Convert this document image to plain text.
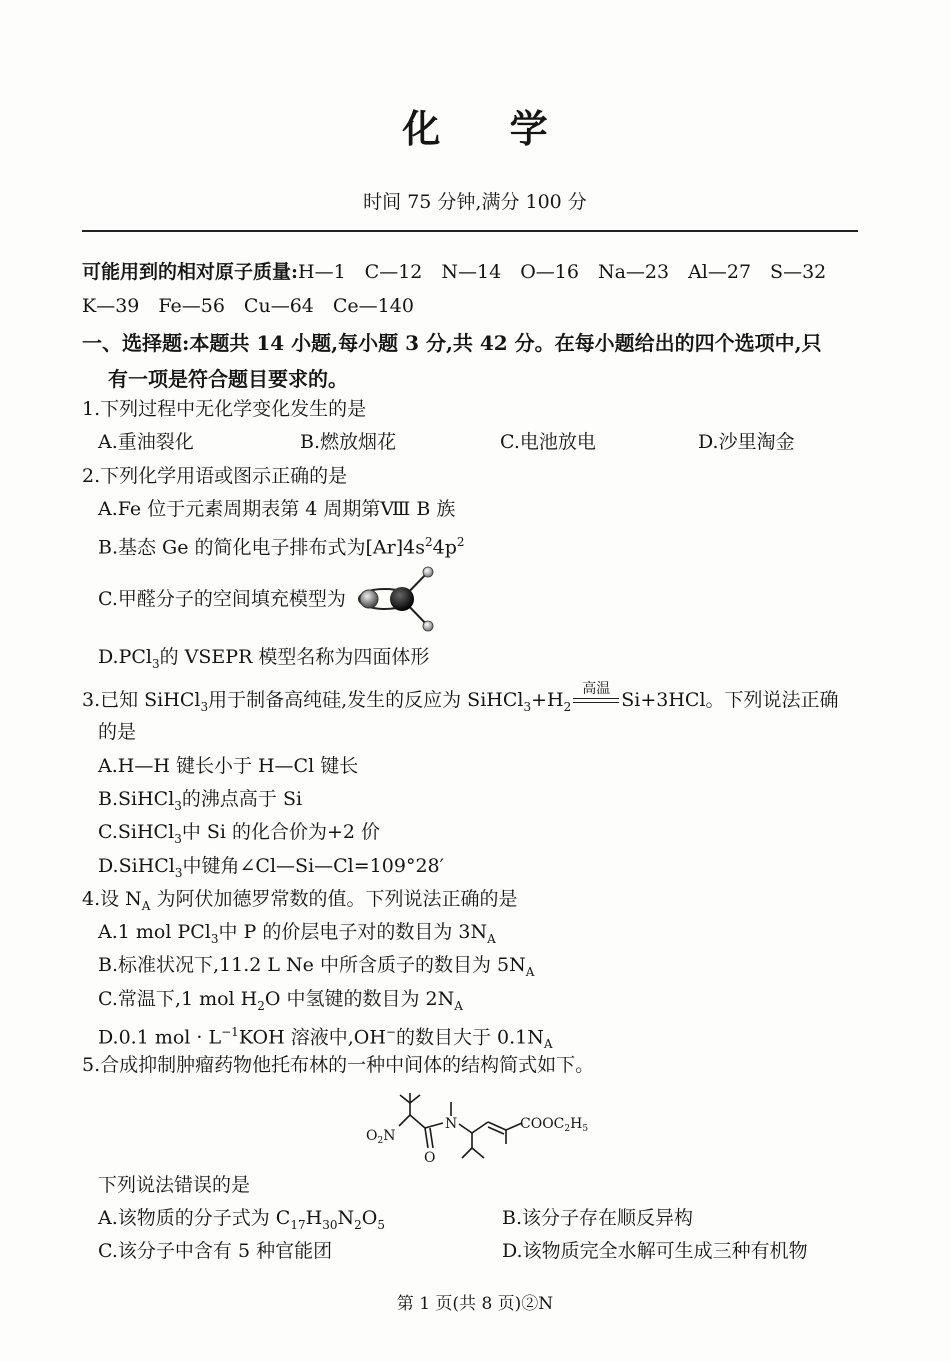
化 学
时间 75 分钟,满分 100 分
可能用到的相对原子质量:H—1　C—12　N—14　O—16　Na—23　Al—27　S—32
K—39　Fe—56　Cu—64　Ce—140
一、选择题:本题共 14 小题,每小题 3 分,共 42 分。在每小题给出的四个选项中,只
有一项是符合题目要求的。
1.下列过程中无化学变化发生的是
A.重油裂化	B.燃放烟花	C.电池放电	D.沙里淘金
2.下列化学用语或图示正确的是
A.Fe 位于元素周期表第 4 周期第Ⅷ B 族
B.基态 Ge 的简化电子排布式为$[Ar]4s^24p^2$
C.甲醛分子的空间填充模型为
D.PCl$_3$的 VSEPR 模型名称为四面体形
3.已知 SiHCl$_3$用于制备高纯硅,发生的反应为 $SiHCl_3+H_2$
高温 Si+3HCl。下列说法正确
的是
A.H—H 键长小于 H—Cl 键长
B.SiHCl$_3$的沸点高于 Si
C.SiHCl$_3$中 Si 的化合价为+2 价
D.SiHCl$_3$中键角∠Cl—Si—Cl=109°28′
4.设 $N_A$ 为阿伏加德罗常数的值。下列说法正确的是
A.1 mol PCl$_3$中 P 的价层电子对的数目为 $3N_A$
B.标准状况下,11.2 L Ne 中所含质子的数目为 $5N_A$
C.常温下,1 mol $H_2O$ 中氢键的数目为 $2N_A$
D.0.1 mol · $L^{-1}KOH$ 溶液中,OH−的数目大于 $0.1N_A$
5.合成抑制肿瘤药物他托布林的一种中间体的结构简式如下。
$O_2N$
N
O
$COOC_2H_5$
下列说法错误的是
A.该物质的分子式为 $C_{17}H_{30}N_2O_5$	B.该分子存在顺反异构
C.该分子中含有 5 种官能团	D.该物质完全水解可生成三种有机物
第 1 页(共 8 页)②N
